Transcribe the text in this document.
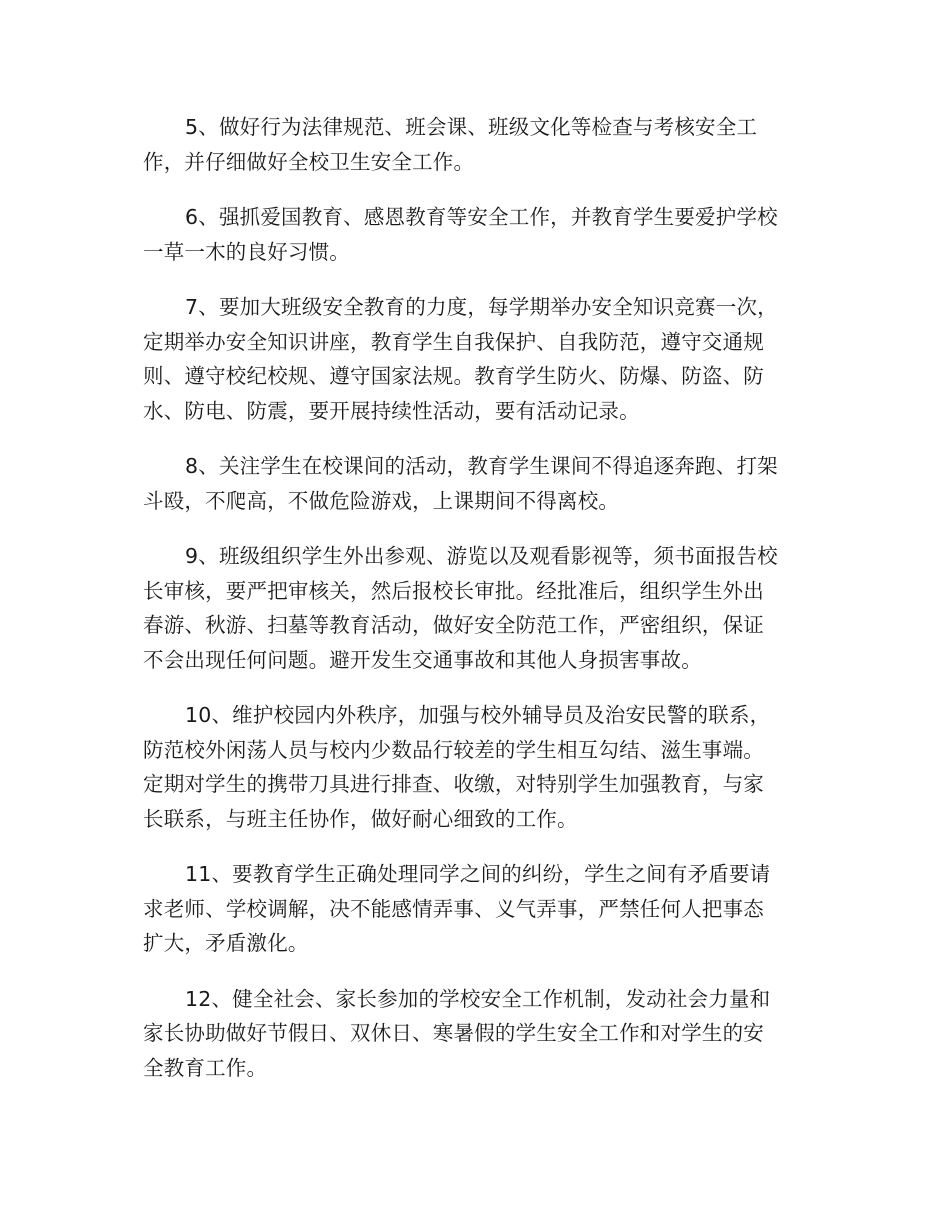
5、做好行为法律规范、班会课、班级文化等检查与考核安全工
作，并仔细做好全校卫生安全工作。

6、强抓爱国教育、感恩教育等安全工作，并教育学生要爱护学校
一草一木的良好习惯。

7、要加大班级安全教育的力度，每学期举办安全知识竞赛一次，
定期举办安全知识讲座，教育学生自我保护、自我防范，遵守交通规
则、遵守校纪校规、遵守国家法规。教育学生防火、防爆、防盗、防
水、防电、防震，要开展持续性活动，要有活动记录。

8、关注学生在校课间的活动，教育学生课间不得追逐奔跑、打架
斗殴，不爬高，不做危险游戏，上课期间不得离校。

9、班级组织学生外出参观、游览以及观看影视等，须书面报告校
长审核，要严把审核关，然后报校长审批。经批准后，组织学生外出
春游、秋游、扫墓等教育活动，做好安全防范工作，严密组织，保证
不会出现任何问题。避开发生交通事故和其他人身损害事故。

10、维护校园内外秩序，加强与校外辅导员及治安民警的联系，
防范校外闲荡人员与校内少数品行较差的学生相互勾结、滋生事端。
定期对学生的携带刀具进行排查、收缴，对特别学生加强教育，与家
长联系，与班主任协作，做好耐心细致的工作。

11、要教育学生正确处理同学之间的纠纷，学生之间有矛盾要请
求老师、学校调解，决不能感情弄事、义气弄事，严禁任何人把事态
扩大，矛盾激化。

12、健全社会、家长参加的学校安全工作机制，发动社会力量和
家长协助做好节假日、双休日、寒暑假的学生安全工作和对学生的安
全教育工作。
